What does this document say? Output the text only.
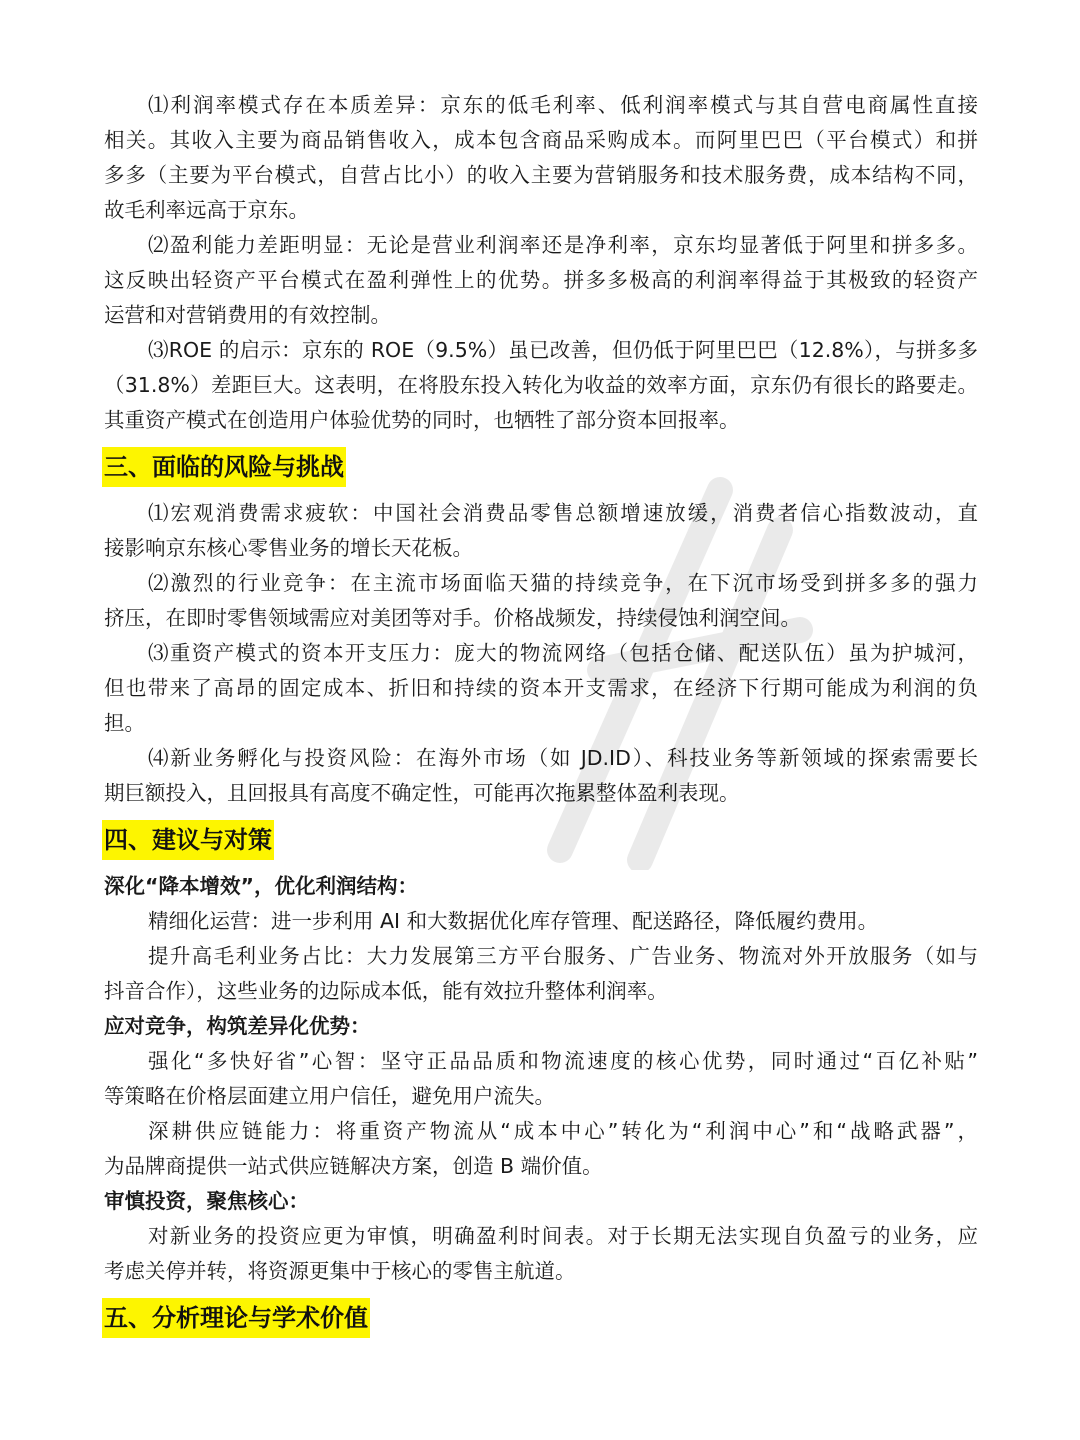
⑴利润率模式存在本质差异：京东的低毛利率、低利润率模式与其自营电商属性直接
相关。其收入主要为商品销售收入，成本包含商品采购成本。而阿里巴巴（平台模式）和拼
多多（主要为平台模式，自营占比小）的收入主要为营销服务和技术服务费，成本结构不同，
故毛利率远高于京东。
⑵盈利能力差距明显：无论是营业利润率还是净利率，京东均显著低于阿里和拼多多。
这反映出轻资产平台模式在盈利弹性上的优势。拼多多极高的利润率得益于其极致的轻资产
运营和对营销费用的有效控制。
⑶ROE 的启示：京东的 ROE（9.5%）虽已改善，但仍低于阿里巴巴（12.8%），与拼多多
（31.8%）差距巨大。这表明，在将股东投入转化为收益的效率方面，京东仍有很长的路要走。
其重资产模式在创造用户体验优势的同时，也牺牲了部分资本回报率。
三、面临的风险与挑战
⑴宏观消费需求疲软：中国社会消费品零售总额增速放缓，消费者信心指数波动，直
接影响京东核心零售业务的增长天花板。
⑵激烈的行业竞争：在主流市场面临天猫的持续竞争，在下沉市场受到拼多多的强力
挤压，在即时零售领域需应对美团等对手。价格战频发，持续侵蚀利润空间。
⑶重资产模式的资本开支压力：庞大的物流网络（包括仓储、配送队伍）虽为护城河，
但也带来了高昂的固定成本、折旧和持续的资本开支需求，在经济下行期可能成为利润的负
担。
⑷新业务孵化与投资风险：在海外市场（如 JD.ID）、科技业务等新领域的探索需要长
期巨额投入，且回报具有高度不确定性，可能再次拖累整体盈利表现。
四、建议与对策
深化“降本增效”，优化利润结构：
精细化运营：进一步利用 AI 和大数据优化库存管理、配送路径，降低履约费用。
提升高毛利业务占比：大力发展第三方平台服务、广告业务、物流对外开放服务（如与
抖音合作），这些业务的边际成本低，能有效拉升整体利润率。
应对竞争，构筑差异化优势：
强化“多快好省”心智：坚守正品品质和物流速度的核心优势，同时通过“百亿补贴”
等策略在价格层面建立用户信任，避免用户流失。
深耕供应链能力：将重资产物流从“成本中心”转化为“利润中心”和“战略武器”，
为品牌商提供一站式供应链解决方案，创造 B 端价值。
审慎投资，聚焦核心：
对新业务的投资应更为审慎，明确盈利时间表。对于长期无法实现自负盈亏的业务，应
考虑关停并转，将资源更集中于核心的零售主航道。
五、分析理论与学术价值
